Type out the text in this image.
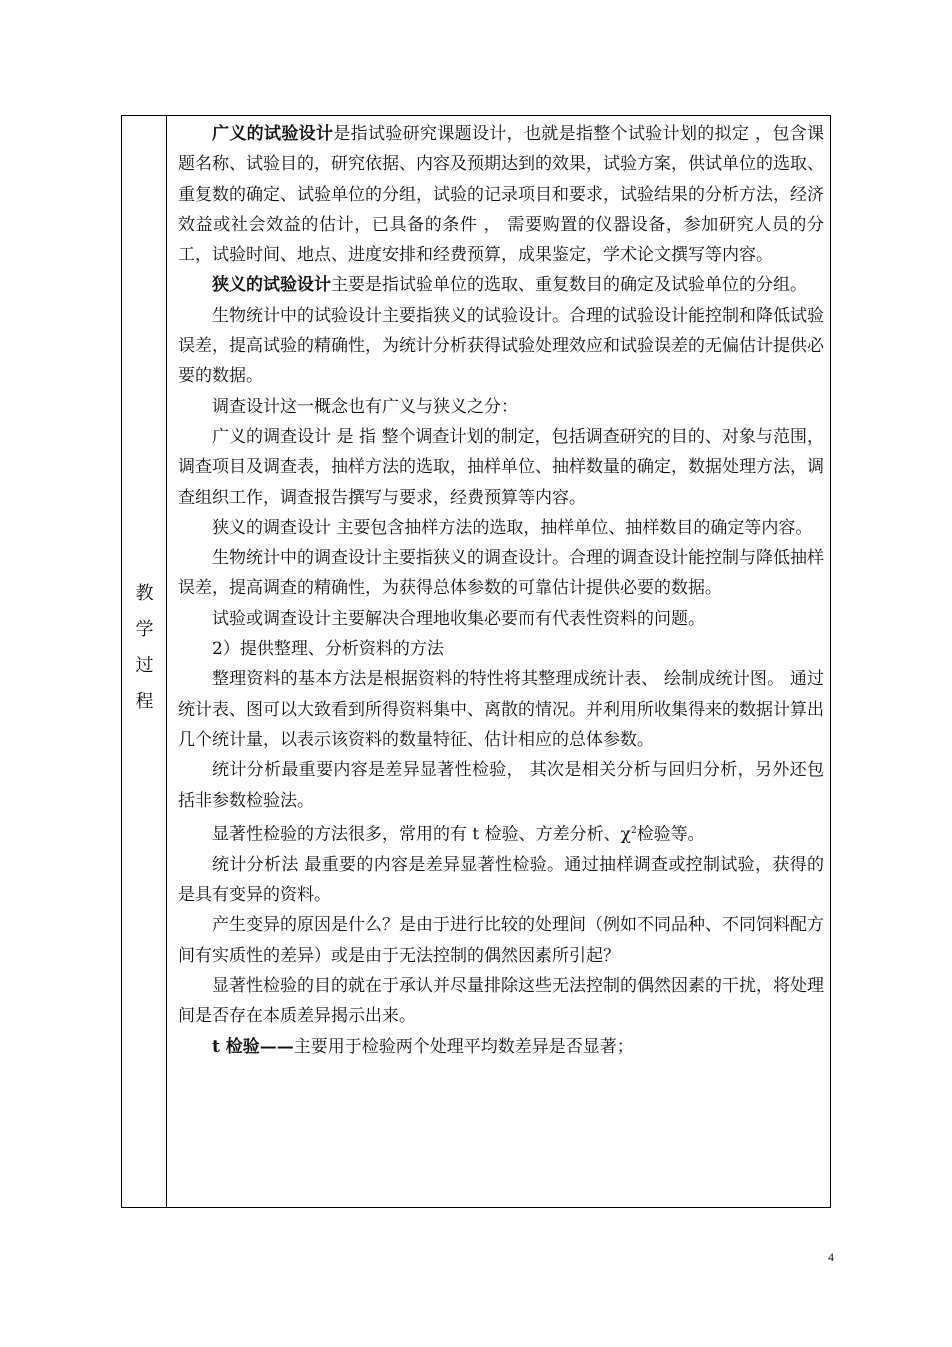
教
学
过
程

广义的试验设计是指试验研究课题设计，也就是指整个试验计划的拟定 ，包含课题名称、试验目的，研究依据、内容及预期达到的效果，试验方案，供试单位的选取、重复数的确定、试验单位的分组，试验的记录项目和要求，试验结果的分析方法，经济效益或社会效益的估计，已具备的条件 ， 需要购置的仪器设备，参加研究人员的分工，试验时间、地点、进度安排和经费预算，成果鉴定，学术论文撰写等内容。

狭义的试验设计主要是指试验单位的选取、重复数目的确定及试验单位的分组。

生物统计中的试验设计主要指狭义的试验设计。合理的试验设计能控制和降低试验误差，提高试验的精确性，为统计分析获得试验处理效应和试验误差的无偏估计提供必要的数据。

调查设计这一概念也有广义与狭义之分：

广义的调查设计 是 指 整个调查计划的制定，包括调查研究的目的、对象与范围，调查项目及调查表，抽样方法的选取，抽样单位、抽样数量的确定，数据处理方法，调查组织工作，调查报告撰写与要求，经费预算等内容。

狭义的调查设计 主要包含抽样方法的选取，抽样单位、抽样数目的确定等内容。

生物统计中的调查设计主要指狭义的调查设计。合理的调查设计能控制与降低抽样误差，提高调查的精确性，为获得总体参数的可靠估计提供必要的数据。

试验或调查设计主要解决合理地收集必要而有代表性资料的问题。

2）提供整理、分析资料的方法

整理资料的基本方法是根据资料的特性将其整理成统计表、 绘制成统计图。 通过统计表、图可以大致看到所得资料集中、离散的情况。并利用所收集得来的数据计算出几个统计量，以表示该资料的数量特征、估计相应的总体参数。

统计分析最重要内容是差异显著性检验， 其次是相关分析与回归分析，另外还包括非参数检验法。

显著性检验的方法很多，常用的有 t 检验、方差分析、$\chi^2$检验等。

统计分析法 最重要的内容是差异显著性检验。通过抽样调查或控制试验，获得的是具有变异的资料。

产生变异的原因是什么？是由于进行比较的处理间（例如不同品种、不同饲料配方间有实质性的差异）或是由于无法控制的偶然因素所引起？

显著性检验的目的就在于承认并尽量排除这些无法控制的偶然因素的干扰，将处理间是否存在本质差异揭示出来。

t 检验——主要用于检验两个处理平均数差异是否显著；

4
